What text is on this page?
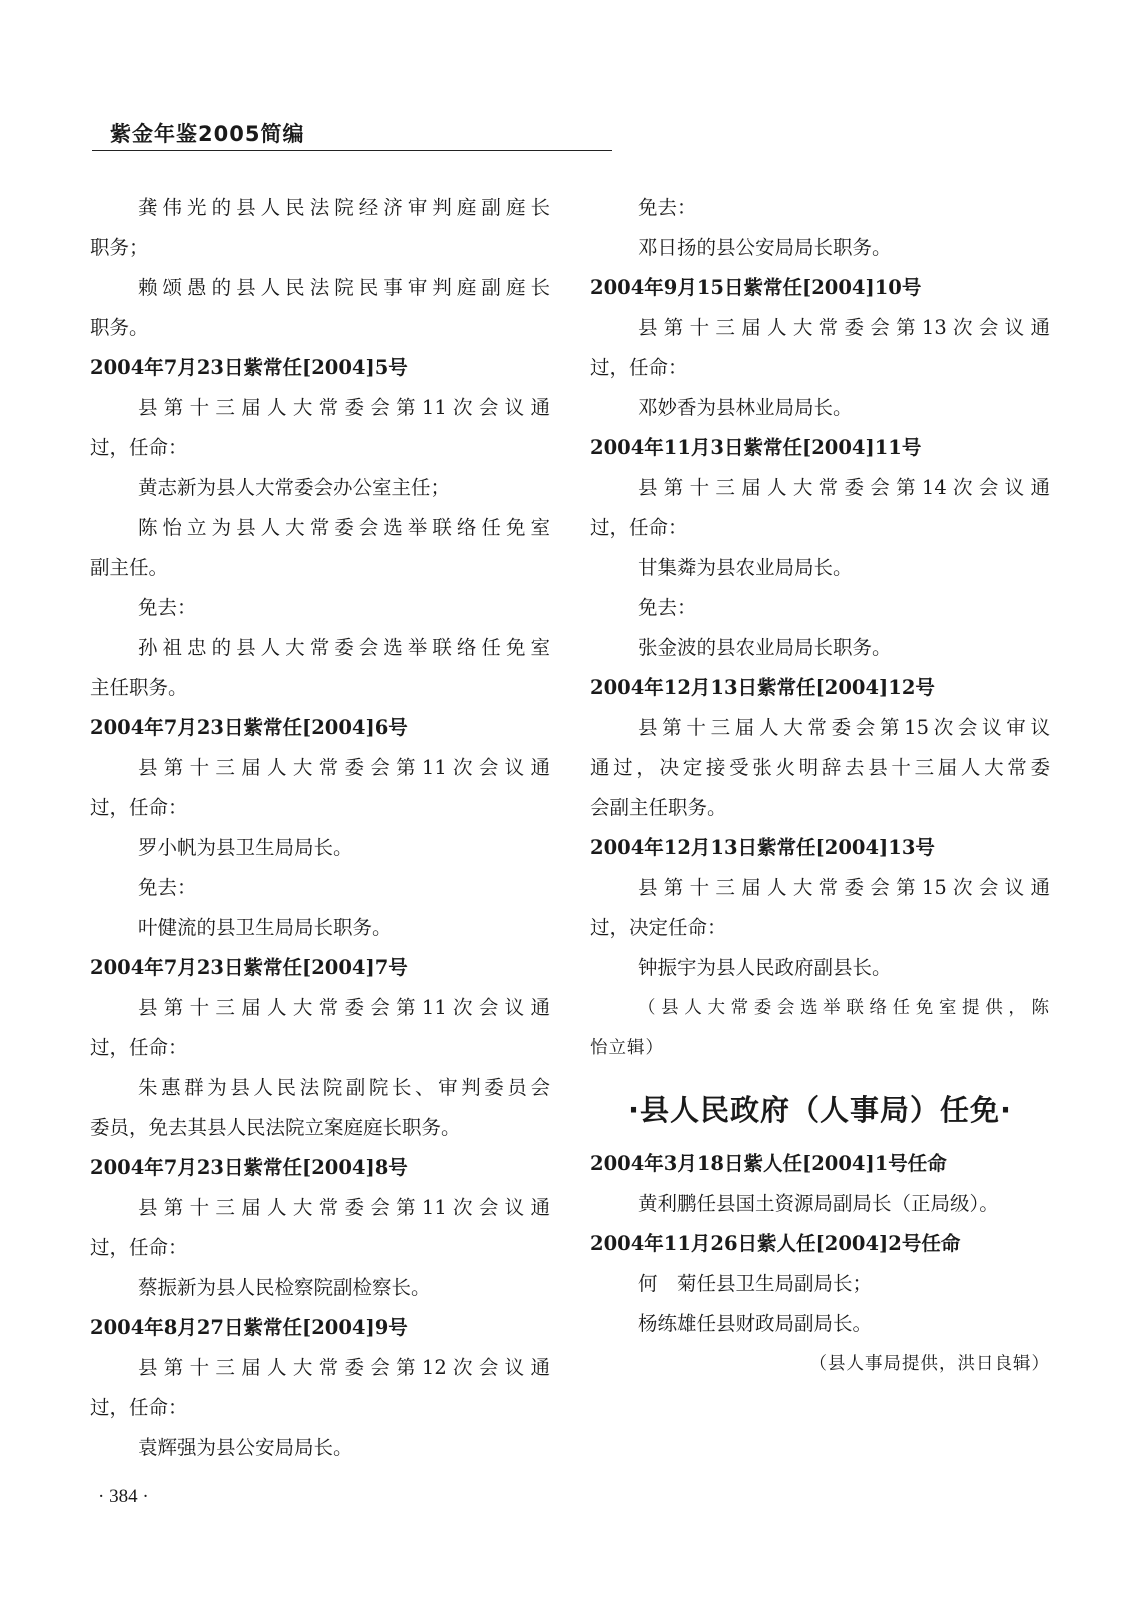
紫金年鉴2005简编
龚伟光的县人民法院经济审判庭副庭长
职务；
赖颂愚的县人民法院民事审判庭副庭长
职务。
2004年7月23日紫常任[2004]5号
县第十三届人大常委会第11次会议通
过，任命：
黄志新为县人大常委会办公室主任；
陈怡立为县人大常委会选举联络任免室
副主任。
免去：
孙祖忠的县人大常委会选举联络任免室
主任职务。
2004年7月23日紫常任[2004]6号
县第十三届人大常委会第11次会议通
过，任命：
罗小帆为县卫生局局长。
免去：
叶健流的县卫生局局长职务。
2004年7月23日紫常任[2004]7号
县第十三届人大常委会第11次会议通
过，任命：
朱惠群为县人民法院副院长、审判委员会
委员，免去其县人民法院立案庭庭长职务。
2004年7月23日紫常任[2004]8号
县第十三届人大常委会第11次会议通
过，任命：
蔡振新为县人民检察院副检察长。
2004年8月27日紫常任[2004]9号
县第十三届人大常委会第12次会议通
过，任命：
袁辉强为县公安局局长。
免去：
邓日扬的县公安局局长职务。
2004年9月15日紫常任[2004]10号
县第十三届人大常委会第13次会议通
过，任命：
邓妙香为县林业局局长。
2004年11月3日紫常任[2004]11号
县第十三届人大常委会第14次会议通
过，任命：
甘集粦为县农业局局长。
免去：
张金波的县农业局局长职务。
2004年12月13日紫常任[2004]12号
县第十三届人大常委会第15次会议审议
通过，决定接受张火明辞去县十三届人大常委
会副主任职务。
2004年12月13日紫常任[2004]13号
县第十三届人大常委会第15次会议通
过，决定任命：
钟振宇为县人民政府副县长。
（县人大常委会选举联络任免室提供，陈
怡立辑）
·县人民政府（人事局）任免·
2004年3月18日紫人任[2004]1号任命
黄利鹏任县国土资源局副局长（正局级）。
2004年11月26日紫人任[2004]2号任命
何　菊任县卫生局副局长；
杨练雄任县财政局副局长。
（县人事局提供，洪日良辑）
· 384 ·
